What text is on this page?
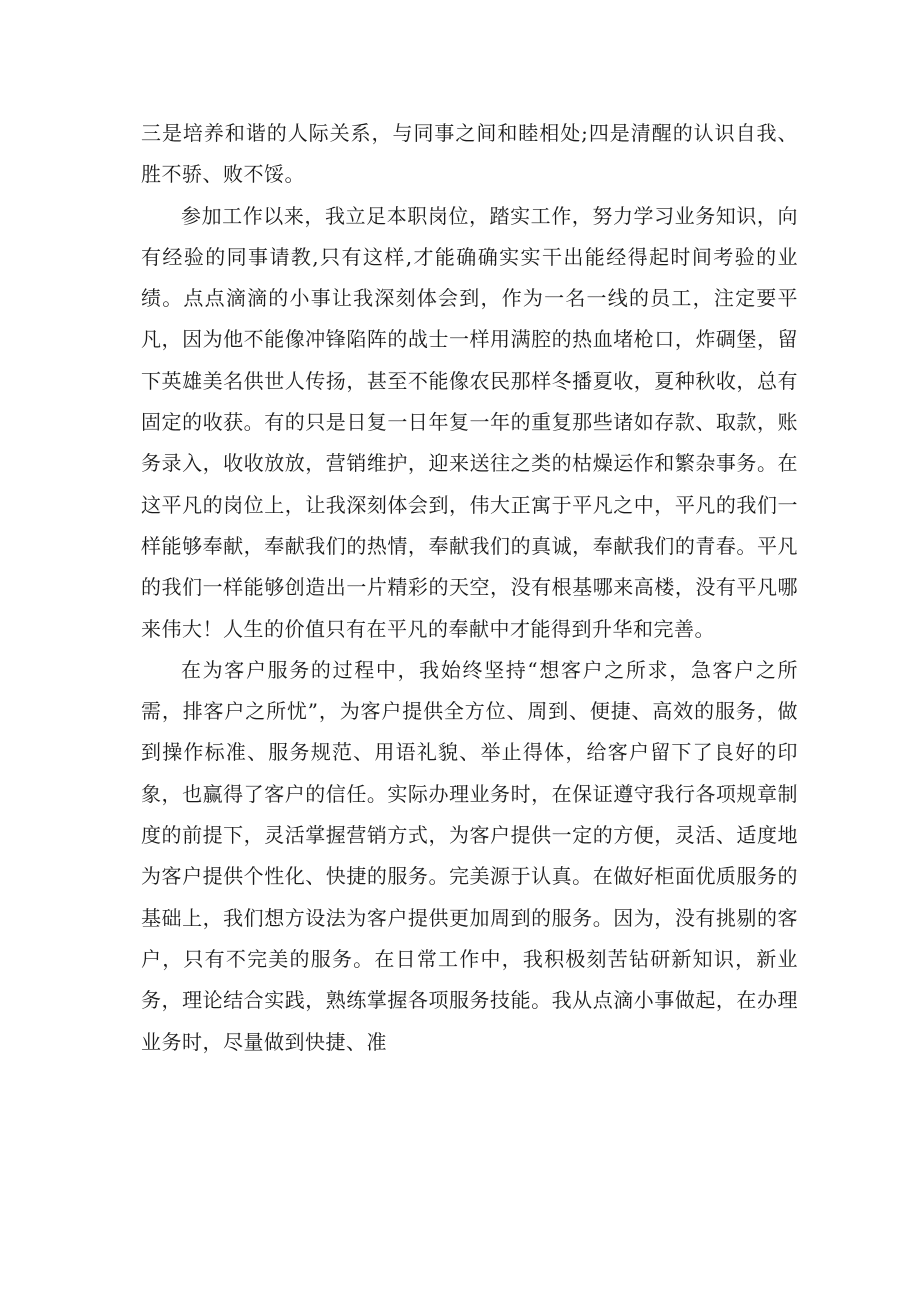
三是培养和谐的人际关系，与同事之间和睦相处;四是清醒的认识自我、胜不骄、败不馁。

参加工作以来，我立足本职岗位，踏实工作，努力学习业务知识，向有经验的同事请教,只有这样,才能确确实实干出能经得起时间考验的业绩。点点滴滴的小事让我深刻体会到，作为一名一线的员工，注定要平凡，因为他不能像冲锋陷阵的战士一样用满腔的热血堵枪口，炸碉堡，留下英雄美名供世人传扬，甚至不能像农民那样冬播夏收，夏种秋收，总有固定的收获。有的只是日复一日年复一年的重复那些诸如存款、取款，账务录入，收收放放，营销维护，迎来送往之类的枯燥运作和繁杂事务。在这平凡的岗位上，让我深刻体会到，伟大正寓于平凡之中，平凡的我们一样能够奉献，奉献我们的热情，奉献我们的真诚，奉献我们的青春。平凡的我们一样能够创造出一片精彩的天空，没有根基哪来高楼，没有平凡哪来伟大！人生的价值只有在平凡的奉献中才能得到升华和完善。

在为客户服务的过程中，我始终坚持“想客户之所求，急客户之所需，排客户之所忧”，为客户提供全方位、周到、便捷、高效的服务，做到操作标准、服务规范、用语礼貌、举止得体，给客户留下了良好的印象，也赢得了客户的信任。实际办理业务时，在保证遵守我行各项规章制度的前提下，灵活掌握营销方式，为客户提供一定的方便，灵活、适度地为客户提供个性化、快捷的服务。完美源于认真。在做好柜面优质服务的基础上，我们想方设法为客户提供更加周到的服务。因为，没有挑剔的客户，只有不完美的服务。在日常工作中，我积极刻苦钻研新知识，新业务，理论结合实践，熟练掌握各项服务技能。我从点滴小事做起，在办理业务时，尽量做到快捷、准
